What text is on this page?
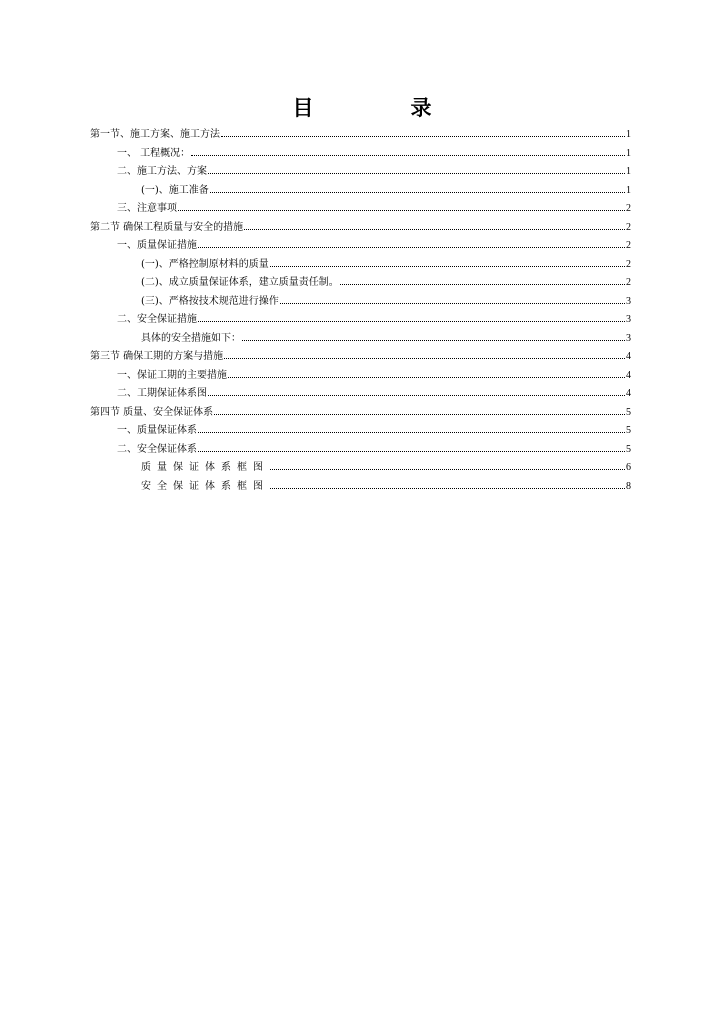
目　录
第一节、施工方案、施工方法	1
一、 工程概况：	1
二、施工方法、方案	1
(一)、施工准备	1
三、注意事项	2
第二节 确保工程质量与安全的措施	2
一、质量保证措施	2
(一)、严格控制原材料的质量	2
(二)、成立质量保证体系，建立质量责任制。	2
(三)、严格按技术规范进行操作	3
二、安全保证措施	3
具体的安全措施如下：	3
第三节 确保工期的方案与措施	4
一、保证工期的主要措施	4
二、工期保证体系图	4
第四节 质量、安全保证体系	5
一、质量保证体系	5
二、安全保证体系	5
质量保证体系框图	6
安全保证体系框图	8
